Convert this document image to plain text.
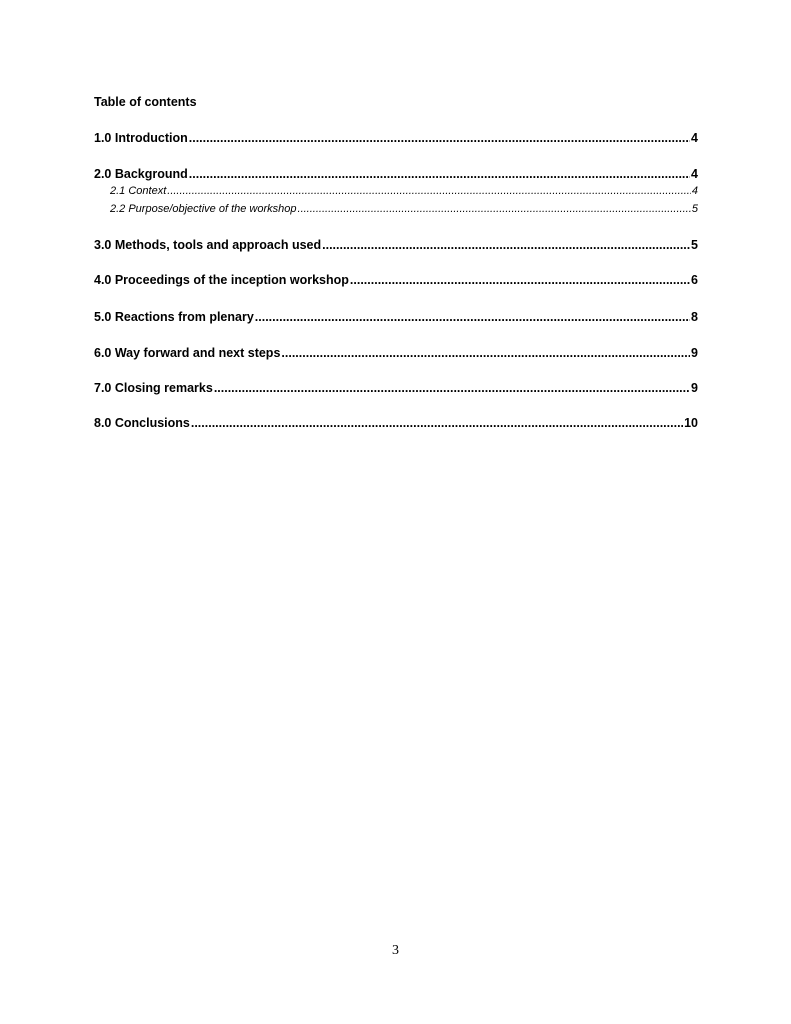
Table of contents
1.0 Introduction .....	4
2.0 Background .....	4
2.1 Context .....	4
2.2 Purpose/objective of the workshop .....	5
3.0 Methods, tools and approach used .....	5
4.0 Proceedings of the inception workshop .....	6
5.0 Reactions from plenary .....	8
6.0 Way forward and next steps .....	9
7.0 Closing remarks .....	9
8.0 Conclusions .....	10
3
